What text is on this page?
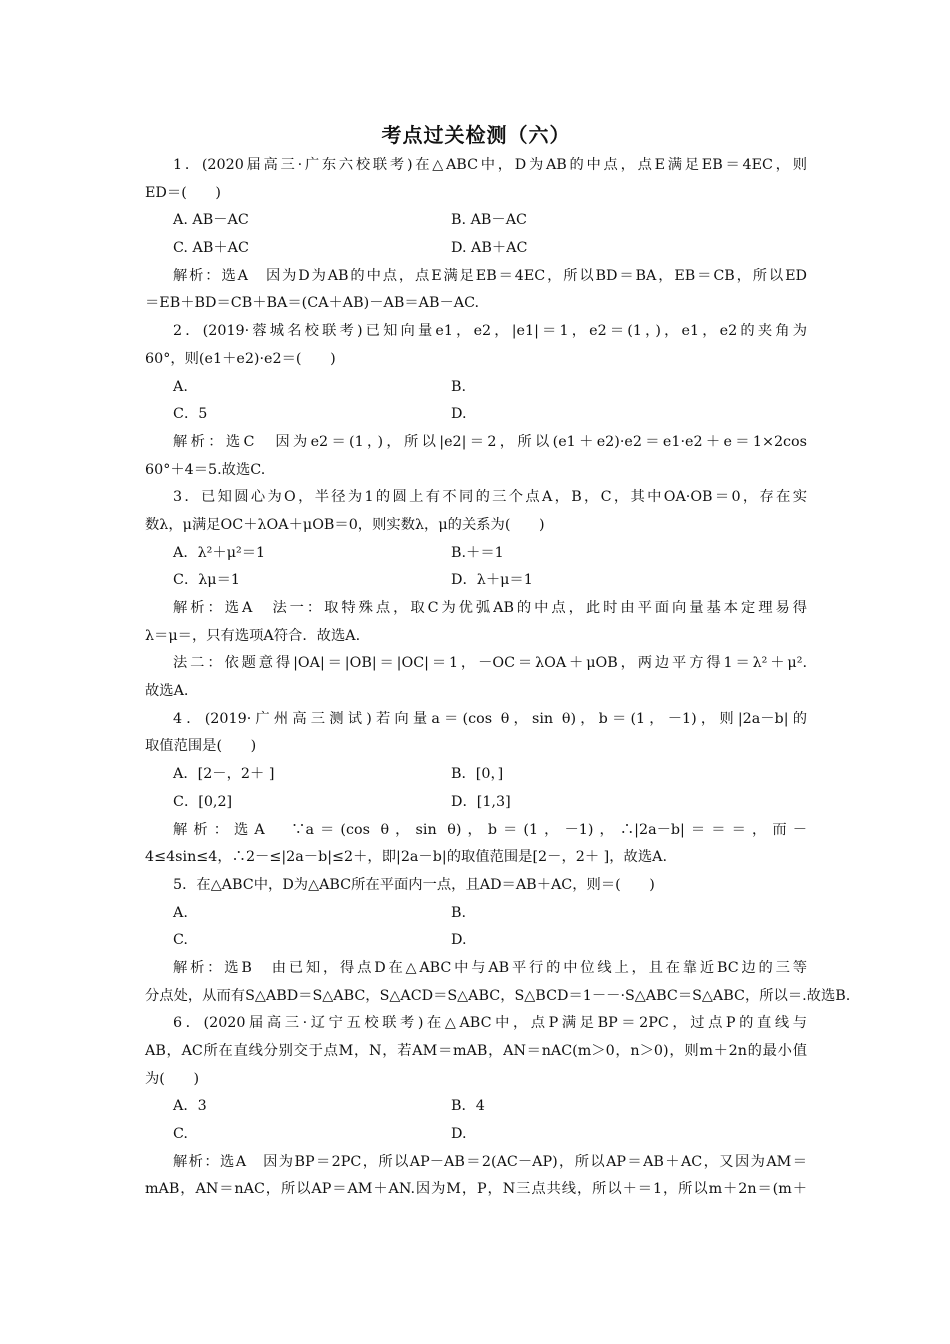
考点过关检测（六）
1．(2020届高三·广东六校联考)在△ABC中，D为AB的中点，点E满足EB＝4EC，则
ED＝(　　)
A. AB－AC	B. AB－AC
C. AB＋AC	D. AB＋AC
解析：选A　因为D为AB的中点，点E满足EB＝4EC，所以BD＝BA，EB＝CB，所以ED
＝EB＋BD＝CB＋BA＝(CA＋AB)－AB＝AB－AC.
2．(2019·蓉城名校联考)已知向量e1，e2，|e1|＝1，e2＝(1，)，e1，e2的夹角为
60°，则(e1＋e2)·e2＝(　　)
A.	B.
C．5	D.
解析：选C　因为e2＝(1，)，所以|e2|＝2，所以(e1＋e2)·e2＝e1·e2＋e＝1×2cos
60°＋4＝5.故选C.
3．已知圆心为O，半径为1的圆上有不同的三个点A，B，C，其中OA·OB＝0，存在实
数λ，μ满足OC＋λOA＋μOB＝0，则实数λ，μ的关系为(　　)
A．λ²＋μ²＝1	B.＋＝1
C．λμ＝1	D．λ＋μ＝1
解析：选A　法一：取特殊点，取C为优弧AB的中点，此时由平面向量基本定理易得
λ＝μ＝，只有选项A符合．故选A.
法二：依题意得|OA|＝|OB|＝|OC|＝1，－OC＝λOA＋μOB，两边平方得1＝λ²＋μ².
故选A.
4．(2019·广州高三测试)若向量a＝(cos θ，sin θ)，b＝(1，－1)，则|2a－b|的
取值范围是(　　)
A．[2－，2＋ ]	B．[0，]
C．[0,2]	D．[1,3]
解析：选A　∵a＝(cos θ，sin θ)，b＝(1，－1)，∴|2a－b|＝＝＝，而－
4≤4sin≤4，∴2－≤|2a－b|≤2＋，即|2a－b|的取值范围是[2－，2＋ ]，故选A.
5．在△ABC中，D为△ABC所在平面内一点，且AD＝AB＋AC，则＝(　　)
A.	B.
C.	D.
解析：选B　由已知，得点D在△ABC中与AB平行的中位线上，且在靠近BC边的三等
分点处，从而有S△ABD＝S△ABC，S△ACD＝S△ABC，S△BCD＝1－－·S△ABC＝S△ABC，所以＝.故选B.
6．(2020届高三·辽宁五校联考)在△ABC中，点P满足BP＝2PC，过点P的直线与
AB，AC所在直线分别交于点M，N，若AM＝mAB，AN＝nAC(m＞0，n＞0)，则m＋2n的最小值
为(　　)
A．3	B．4
C.	D.
解析：选A　因为BP＝2PC，所以AP－AB＝2(AC－AP)，所以AP＝AB＋AC，又因为AM＝
mAB，AN＝nAC，所以AP＝AM＋AN.因为M，P，N三点共线，所以＋＝1，所以m＋2n＝(m＋
